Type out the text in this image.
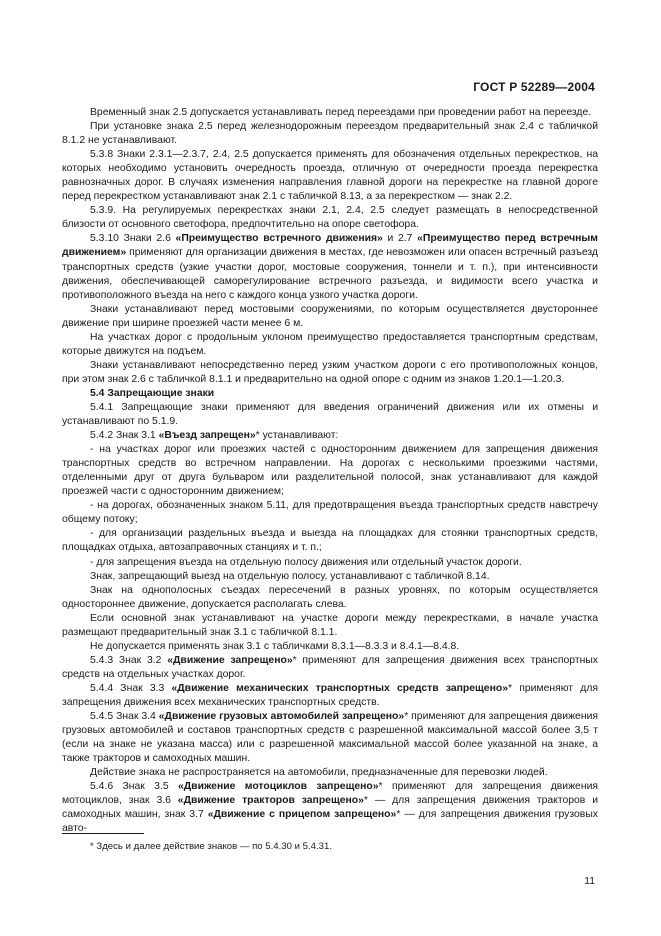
ГОСТ Р 52289—2004

Временный знак 2.5 допускается устанавливать перед переездами при проведении работ на переезде.

При установке знака 2.5 перед железнодорожным переездом предварительный знак 2.4 с табличкой 8.1.2 не устанавливают.

5.3.8 Знаки 2.3.1—2.3.7, 2.4, 2.5 допускается применять для обозначения отдельных перекрестков, на которых необходимо установить очередность проезда, отличную от очередности проезда перекрестка равнозначных дорог. В случаях изменения направления главной дороги на перекрестке на главной дороге перед перекрестком устанавливают знак 2.1 с табличкой 8.13, а за перекрестком — знак 2.2.

5.3.9. На регулируемых перекрестках знаки 2.1, 2.4, 2.5 следует размещать в непосредственной близости от основного светофора, предпочтительно на опоре светофора.

5.3.10 Знаки 2.6 «Преимущество встречного движения» и 2.7 «Преимущество перед встречным движением» применяют для организации движения в местах, где невозможен или опасен встречный разъезд транспортных средств (узкие участки дорог, мостовые сооружения, тоннели и т. п.), при интенсивности движения, обеспечивающей саморегулирование встречного разъезда, и видимости всего участка и противоположного въезда на него с каждого конца узкого участка дороги.

Знаки устанавливают перед мостовыми сооружениями, по которым осуществляется двустороннее движение при ширине проезжей части менее 6 м.

На участках дорог с продольным уклоном преимущество предоставляется транспортным средствам, которые движутся на подъем.

Знаки устанавливают непосредственно перед узким участком дороги с его противоположных концов, при этом знак 2.6 с табличкой 8.1.1 и предварительно на одной опоре с одним из знаков 1.20.1—1.20.3.

5.4 Запрещающие знаки

5.4.1 Запрещающие знаки применяют для введения ограничений движения или их отмены и устанавливают по 5.1.9.

5.4.2 Знак 3.1 «Въезд запрещен»* устанавливают:

- на участках дорог или проезжих частей с односторонним движением для запрещения движения транспортных средств во встречном направлении. На дорогах с несколькими проезжими частями, отделенными друг от друга бульваром или разделительной полосой, знак устанавливают для каждой проезжей части с односторонним движением;

- на дорогах, обозначенных знаком 5.11, для предотвращения въезда транспортных средств навстречу общему потоку;

- для организации раздельных въезда и выезда на площадках для стоянки транспортных средств, площадках отдыха, автозаправочных станциях и т. п.;

- для запрещения въезда на отдельную полосу движения или отдельный участок дороги.

Знак, запрещающий выезд на отдельную полосу, устанавливают с табличкой 8.14.

Знак на однополосных съездах пересечений в разных уровнях, по которым осуществляется одностороннее движение, допускается располагать слева.

Если основной знак устанавливают на участке дороги между перекрестками, в начале участка размещают предварительный знак 3.1 с табличкой 8.1.1.

Не допускается применять знак 3.1 с табличками 8.3.1—8.3.3 и 8.4.1—8.4.8.

5.4.3 Знак 3.2 «Движение запрещено»* применяют для запрещения движения всех транспортных средств на отдельных участках дорог.

5.4.4 Знак 3.3 «Движение механических транспортных средств запрещено»* применяют для запрещения движения всех механических транспортных средств.

5.4.5 Знак 3.4 «Движение грузовых автомобилей запрещено»* применяют для запрещения движения грузовых автомобилей и составов транспортных средств с разрешенной максимальной массой более 3,5 т (если на знаке не указана масса) или с разрешенной максимальной массой более указанной на знаке, а также тракторов и самоходных машин.

Действие знака не распространяется на автомобили, предназначенные для перевозки людей.

5.4.6 Знак 3.5 «Движение мотоциклов запрещено»* применяют для запрещения движения мотоциклов, знак 3.6 «Движение тракторов запрещено»* — для запрещения движения тракторов и самоходных машин, знак 3.7 «Движение с прицепом запрещено»* — для запрещения движения грузовых авто-

* Здесь и далее действие знаков — по 5.4.30 и 5.4.31.
11
